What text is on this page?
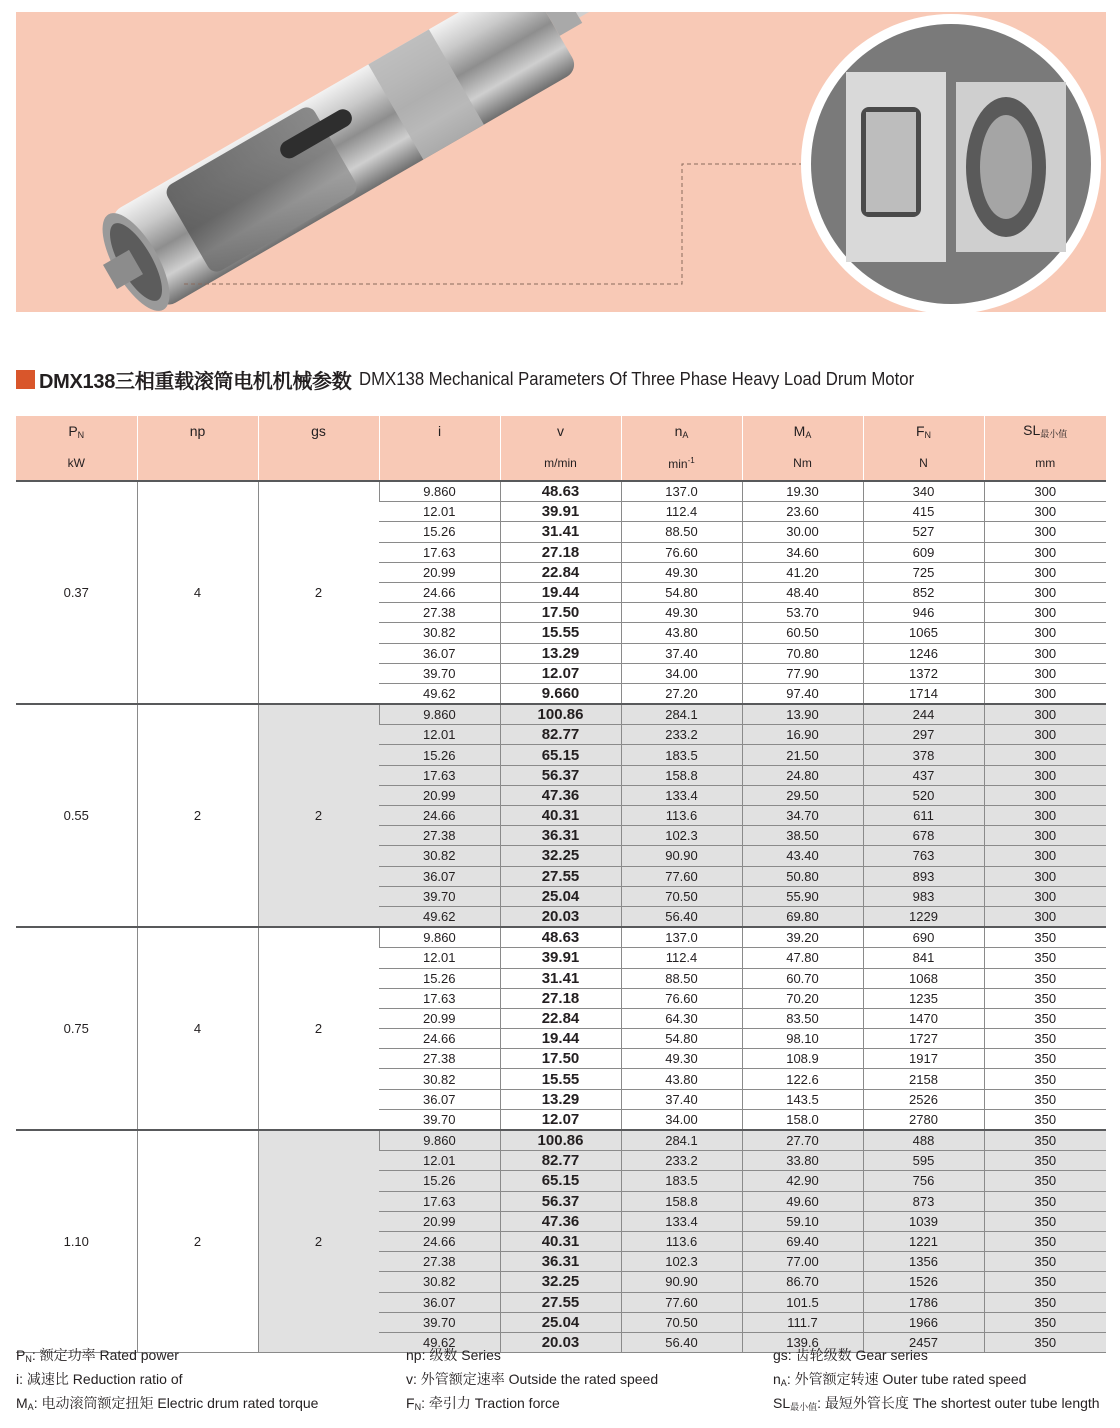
DMX138三相重载滚筒电机机械参数 DMX138 Mechanical Parameters Of Three Phase Heavy Load Drum Motor
$P_N$	np	gs	i	v	$n_A$	$M_A$	$F_N$	$SL_{最小值}$
kW				m/min	$\min^{-1}$	Nm	N	mm
0.37	4	2	9.860	48.63	137.0	19.30	340	300
			12.01	39.91	112.4	23.60	415	300
			15.26	31.41	88.50	30.00	527	300
			17.63	27.18	76.60	34.60	609	300
			20.99	22.84	49.30	41.20	725	300
			24.66	19.44	54.80	48.40	852	300
			27.38	17.50	49.30	53.70	946	300
			30.82	15.55	43.80	60.50	1065	300
			36.07	13.29	37.40	70.80	1246	300
			39.70	12.07	34.00	77.90	1372	300
			49.62	9.660	27.20	97.40	1714	300
0.55	2	2	9.860	100.86	284.1	13.90	244	300
			12.01	82.77	233.2	16.90	297	300
			15.26	65.15	183.5	21.50	378	300
			17.63	56.37	158.8	24.80	437	300
			20.99	47.36	133.4	29.50	520	300
			24.66	40.31	113.6	34.70	611	300
			27.38	36.31	102.3	38.50	678	300
			30.82	32.25	90.90	43.40	763	300
			36.07	27.55	77.60	50.80	893	300
			39.70	25.04	70.50	55.90	983	300
			49.62	20.03	56.40	69.80	1229	300
0.75	4	2	9.860	48.63	137.0	39.20	690	350
			12.01	39.91	112.4	47.80	841	350
			15.26	31.41	88.50	60.70	1068	350
			17.63	27.18	76.60	70.20	1235	350
			20.99	22.84	64.30	83.50	1470	350
			24.66	19.44	54.80	98.10	1727	350
			27.38	17.50	49.30	108.9	1917	350
			30.82	15.55	43.80	122.6	2158	350
			36.07	13.29	37.40	143.5	2526	350
			39.70	12.07	34.00	158.0	2780	350
1.10	2	2	9.860	100.86	284.1	27.70	488	350
			12.01	82.77	233.2	33.80	595	350
			15.26	65.15	183.5	42.90	756	350
			17.63	56.37	158.8	49.60	873	350
			20.99	47.36	133.4	59.10	1039	350
			24.66	40.31	113.6	69.40	1221	350
			27.38	36.31	102.3	77.00	1356	350
			30.82	32.25	90.90	86.70	1526	350
			36.07	27.55	77.60	101.5	1786	350
			39.70	25.04	70.50	111.7	1966	350
			49.62	20.03	56.40	139.6	2457	350
$P_N$: 额定功率 Rated power
i: 减速比 Reduction ratio of
$M_A$: 电动滚筒额定扭矩 Electric drum rated torque
np: 级数 Series
v: 外管额定速率 Outside the rated speed
$F_N$: 牵引力 Traction force
gs: 齿轮级数 Gear series
$n_A$: 外管额定转速 Outer tube rated speed
$SL_{最小值}$: 最短外管长度 The shortest outer tube length
